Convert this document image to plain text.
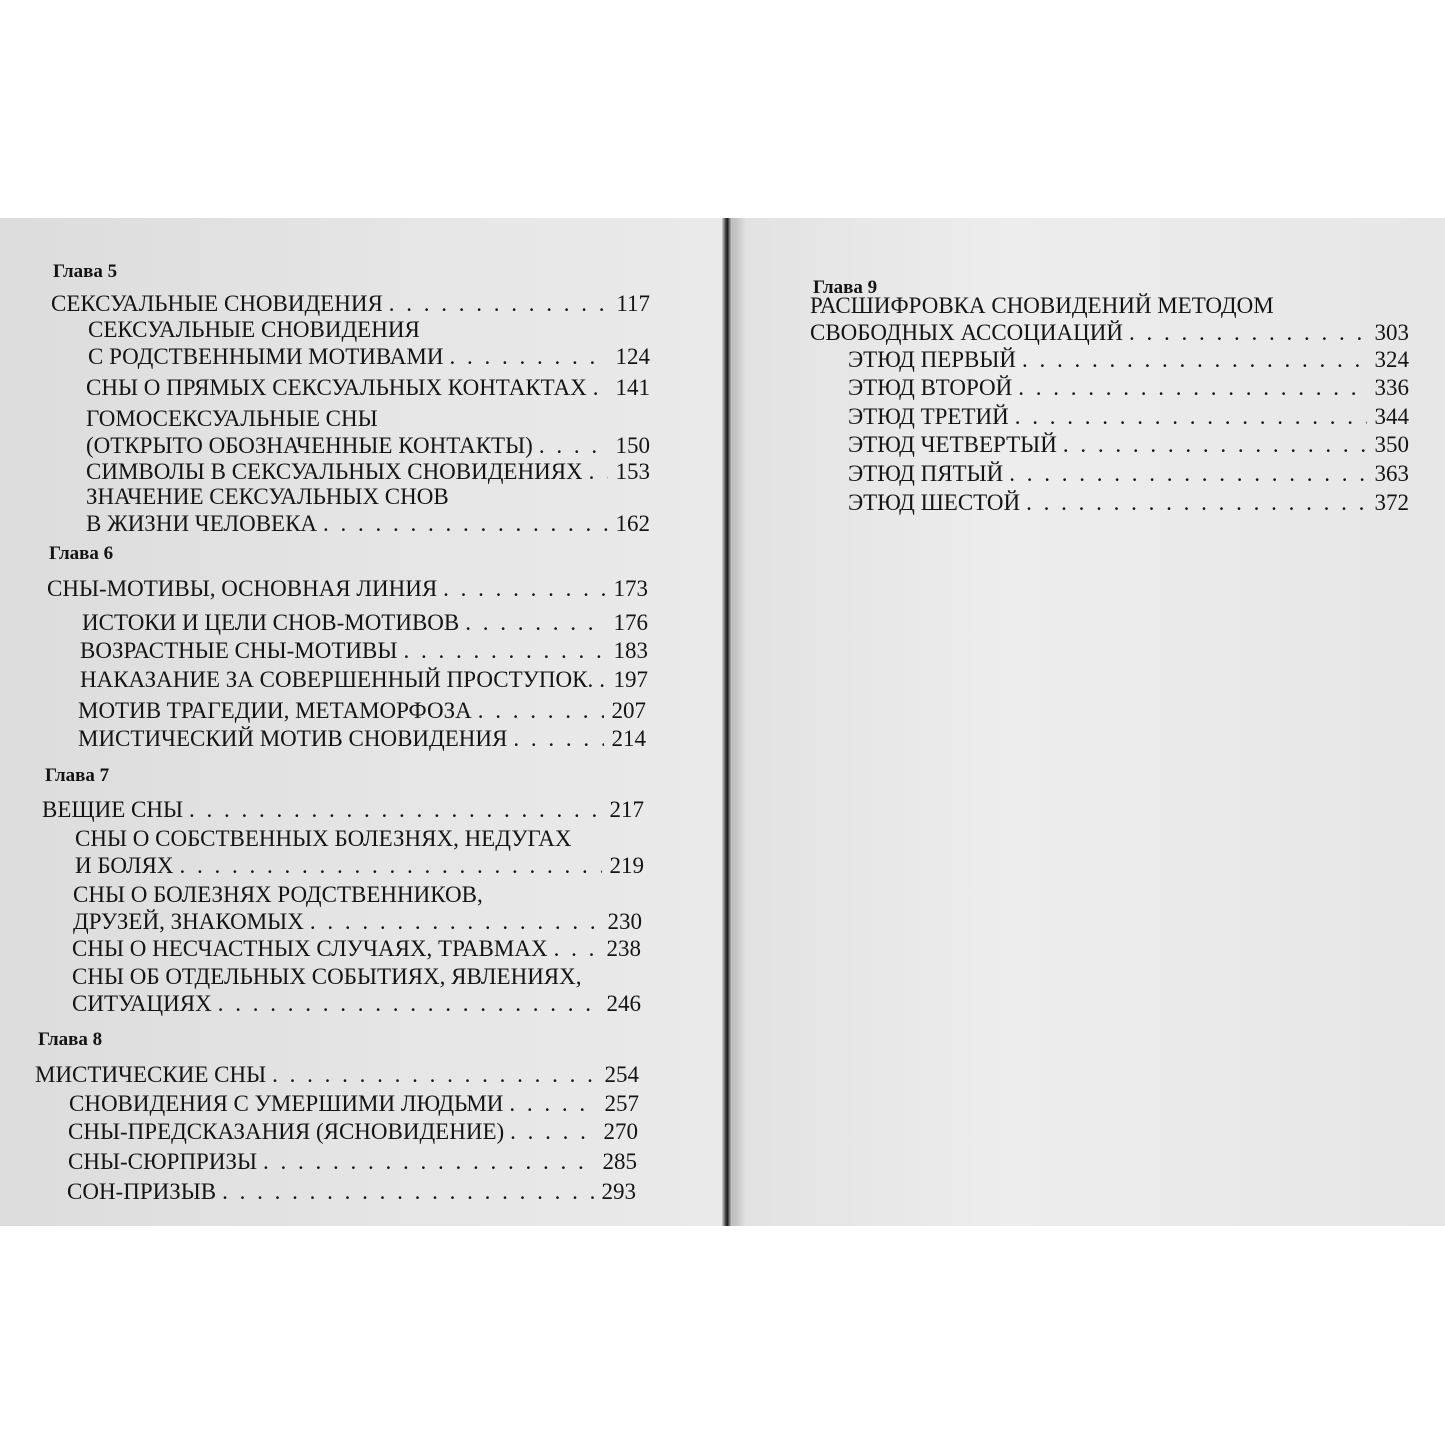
Глава 5
СЕКСУАЛЬНЫЕ СНОВИДЕНИЯ . . .	117
СЕКСУАЛЬНЫЕ СНОВИДЕНИЯ
С РОДСТВЕННЫМИ МОТИВАМИ . . .	124
СНЫ О ПРЯМЫХ СЕКСУАЛЬНЫХ КОНТАКТАХ . . . 141
ГОМОСЕКСУАЛЬНЫЕ СНЫ
(ОТКРЫТО ОБОЗНАЧЕННЫЕ КОНТАКТЫ) . . .	150
СИМВОЛЫ В СЕКСУАЛЬНЫХ СНОВИДЕНИЯХ . . . 153
ЗНАЧЕНИЕ СЕКСУАЛЬНЫХ СНОВ
В ЖИЗНИ ЧЕЛОВЕКА . . .	162
Глава 6
СНЫ-МОТИВЫ, ОСНОВНАЯ ЛИНИЯ . . .	173
ИСТОКИ И ЦЕЛИ СНОВ-МОТИВОВ . . .	176
ВОЗРАСТНЫЕ СНЫ-МОТИВЫ . . .	183
НАКАЗАНИЕ ЗА СОВЕРШЕННЫЙ ПРОСТУПОК. . . . 197
МОТИВ ТРАГЕДИИ, МЕТАМОРФОЗА . . .	207
МИСТИЧЕСКИЙ МОТИВ СНОВИДЕНИЯ . . .	214
Глава 7
ВЕЩИЕ СНЫ . . .	217
СНЫ О СОБСТВЕННЫХ БОЛЕЗНЯХ, НЕДУГАХ
И БОЛЯХ . . .	219
СНЫ О БОЛЕЗНЯХ РОДСТВЕННИКОВ,
ДРУЗЕЙ, ЗНАКОМЫХ . . .	230
СНЫ О НЕСЧАСТНЫХ СЛУЧАЯХ, ТРАВМАХ . . .	238
СНЫ ОБ ОТДЕЛЬНЫХ СОБЫТИЯХ, ЯВЛЕНИЯХ,
СИТУАЦИЯХ . . .	246
Глава 8
МИСТИЧЕСКИЕ СНЫ . . .	254
СНОВИДЕНИЯ С УМЕРШИМИ ЛЮДЬМИ . . .	257
СНЫ-ПРЕДСКАЗАНИЯ (ЯСНОВИДЕНИЕ) . . .	270
СНЫ-СЮРПРИЗЫ . . .	285
СОН-ПРИЗЫВ . . .	293
Глава 9
РАСШИФРОВКА СНОВИДЕНИЙ МЕТОДОМ
СВОБОДНЫХ АССОЦИАЦИЙ . . .	303
ЭТЮД ПЕРВЫЙ . . .	324
ЭТЮД ВТОРОЙ . . .	336
ЭТЮД ТРЕТИЙ . . .	344
ЭТЮД ЧЕТВЕРТЫЙ . . .	350
ЭТЮД ПЯТЫЙ . . .	363
ЭТЮД ШЕСТОЙ . . .	372
